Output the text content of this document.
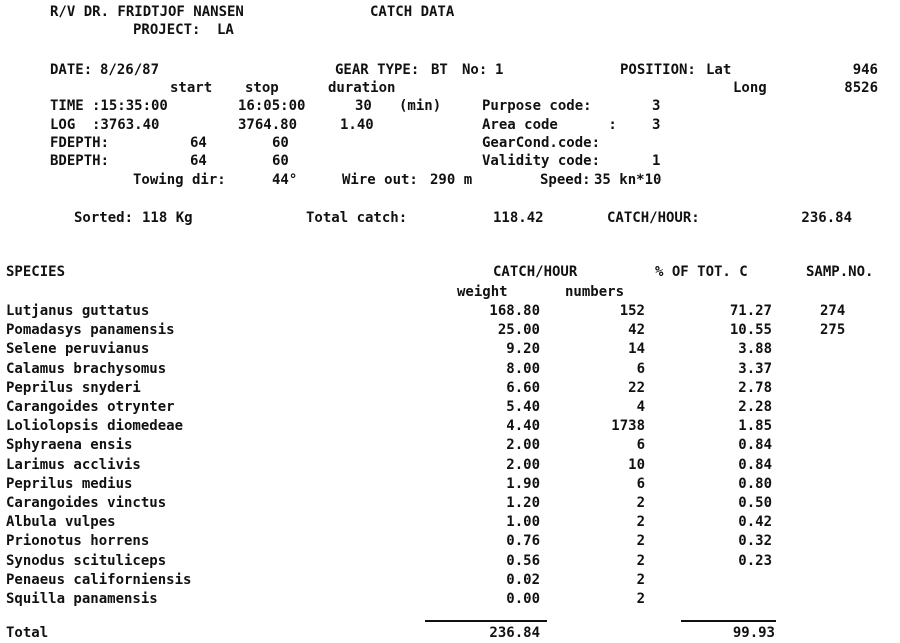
R/V DR. FRIDTJOF NANSEN	CATCH DATA
PROJECT: LA
DATE: 8/26/87	GEAR TYPE: BT No: 1	POSITION: Lat	946
start stop	duration	Long	8526
TIME :15:35:00	16:05:00	30 (min)	Purpose code:	3
LOG :3763.40	3764.80	1.40	Area code      :	3
FDEPTH:	64	60	GearCond.code:
BDEPTH:	64	60	Validity code:	1
Towing dir:	44°	Wire out: 290 m	Speed: 35 kn*10
Sorted: 118 Kg	Total catch:	118.42	CATCH/HOUR:	236.84
SPECIES	CATCH/HOUR	% OF TOT. C	SAMP.NO.
weight	numbers
Lutjanus guttatus	168.80	152	71.27	274
Pomadasys panamensis	25.00	42	10.55	275
Selene peruvianus	9.20	14	3.88
Calamus brachysomus	8.00	6	3.37
Peprilus snyderi	6.60	22	2.78
Carangoides otrynter	5.40	4	2.28
Loliolopsis diomedeae	4.40	1738	1.85
Sphyraena ensis	2.00	6	0.84
Larimus acclivis	2.00	10	0.84
Peprilus medius	1.90	6	0.80
Carangoides vinctus	1.20	2	0.50
Albula vulpes	1.00	2	0.42
Prionotus horrens	0.76	2	0.32
Synodus scituliceps	0.56	2	0.23
Penaeus californiensis	0.02	2
Squilla panamensis	0.00	2
Total	236.84	99.93
